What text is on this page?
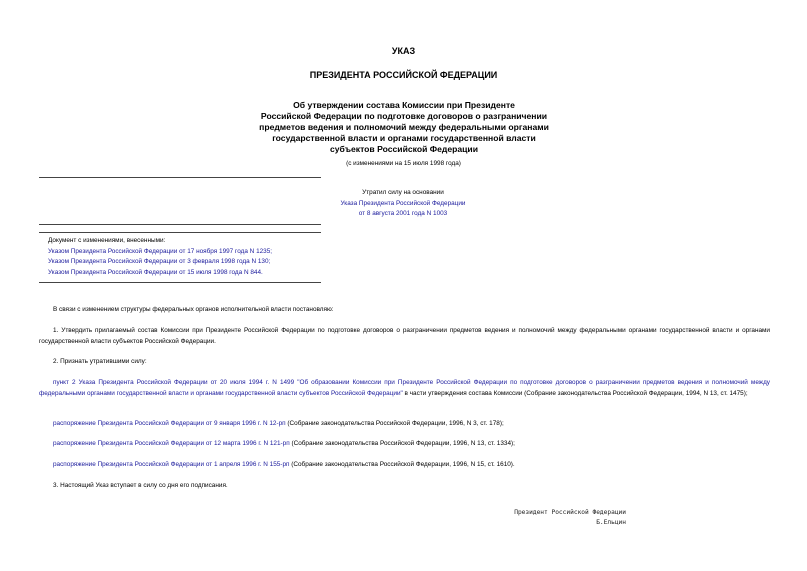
УКАЗ
ПРЕЗИДЕНТА РОССИЙСКОЙ ФЕДЕРАЦИИ
Об утверждении состава Комиссии при Президенте
Российской Федерации по подготовке договоров о разграничении
предметов ведения и полномочий между федеральными органами
государственной власти и органами государственной власти
субъектов Российской Федерации
(с изменениями на 15 июля 1998 года)
Утратил силу на основании
Указа Президента Российской Федерации
от 8 августа 2001 года N 1003
Документ с изменениями, внесенными:
Указом Президента Российской Федерации от 17 ноября 1997 года N 1235;
Указом Президента Российской Федерации от 3 февраля 1998 года N 130;
Указом Президента Российской Федерации от 15 июля 1998 года N 844.
В связи с изменением структуры федеральных органов исполнительной власти постановляю:
1. Утвердить прилагаемый состав Комиссии при Президенте Российской Федерации по подготовке договоров о разграничении предметов ведения и полномочий между федеральными органами государственной власти и органами государственной власти субъектов Российской Федерации.
2. Признать утратившими силу:
пункт 2 Указа Президента Российской Федерации от 20 июля 1994 г. N 1499 "Об образовании Комиссии при Президенте Российской Федерации по подготовке договоров о разграничении предметов ведения и полномочий между федеральными органами государственной власти и органами государственной власти субъектов Российской Федерации" в части утверждения состава Комиссии (Собрание законодательства Российской Федерации, 1994, N 13, ст. 1475);
распоряжение Президента Российской Федерации от 9 января 1996 г. N 12-рп (Собрание законодательства Российской Федерации, 1996, N 3, ст. 178);
распоряжение Президента Российской Федерации от 12 марта 1996 г. N 121-рп (Собрание законодательства Российской Федерации, 1996, N 13, ст. 1334);
распоряжение Президента Российской Федерации от 1 апреля 1996 г. N 155-рп (Собрание законодательства Российской Федерации, 1996, N 15, ст. 1610).
3. Настоящий Указ вступает в силу со дня его подписания.
Президент Российской Федерации
Б.Ельцин
